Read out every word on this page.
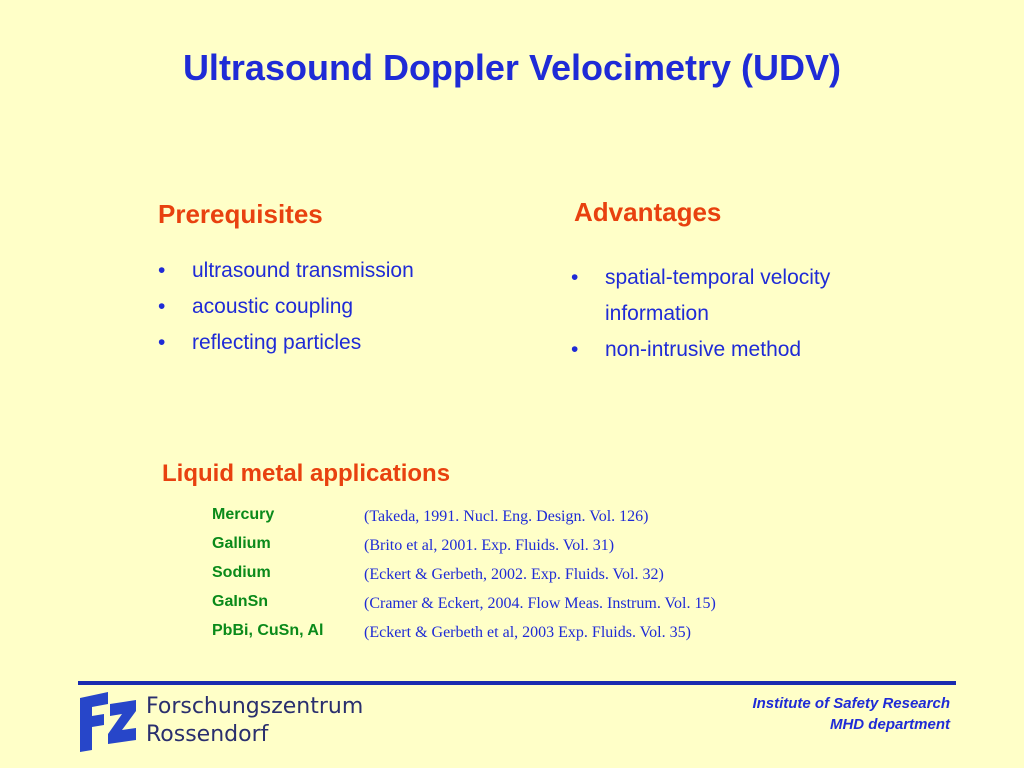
Ultrasound Doppler Velocimetry (UDV)
Prerequisites
• ultrasound transmission
• acoustic coupling
• reflecting particles
Advantages
• spatial-temporal velocity information
• non-intrusive method
Liquid metal applications
Mercury	(Takeda, 1991. Nucl. Eng. Design. Vol. 126)
Gallium	(Brito et al, 2001. Exp. Fluids. Vol. 31)
Sodium	(Eckert & Gerbeth, 2002. Exp. Fluids. Vol. 32)
GaInSn	(Cramer & Eckert, 2004. Flow Meas. Instrum. Vol. 15)
PbBi, CuSn, Al	(Eckert & Gerbeth et al, 2003 Exp. Fluids. Vol. 35)
Forschungszentrum
Rossendorf
Institute of Safety Research
MHD department
